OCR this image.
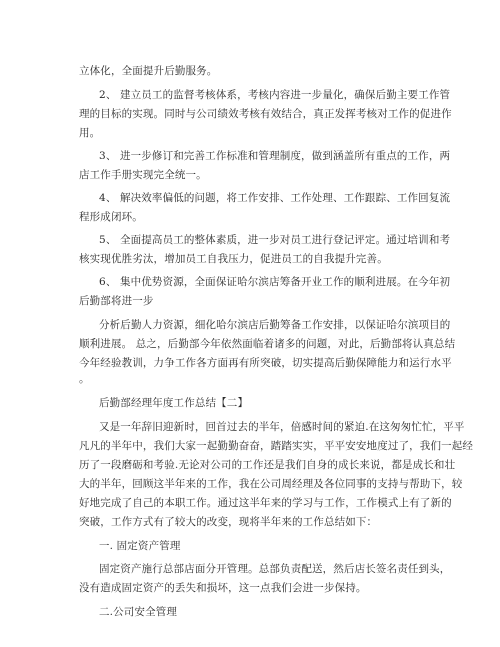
立体化，全面提升后勤服务。

2、 建立员工的监督考核体系，考核内容进一步量化，确保后勤主要工作管

理的目标的实现。同时与公司绩效考核有效结合，真正发挥考核对工作的促进作

用。

3、 进一步修订和完善工作标准和管理制度，做到涵盖所有重点的工作，两

店工作手册实现完全统一。

4、 解决效率偏低的问题，将工作安排、工作处理、工作跟踪、工作回复流

程形成闭环。

5、 全面提高员工的整体素质，进一步对员工进行登记评定。通过培训和考

核实现优胜劣汰，增加员工自我压力，促进员工的自我提升完善。

6、 集中优势资源，全面保证哈尔滨店筹备开业工作的顺利进展。在今年初

后勤部将进一步

分析后勤人力资源，细化哈尔滨店后勤筹备工作安排，以保证哈尔滨项目的

顺利进展。 总之，后勤部今年依然面临着诸多的问题，对此，后勤部将认真总结

今年经验教训，力争工作各方面再有所突破，切实提高后勤保障能力和运行水平

。

后勤部经理年度工作总结【二】

又是一年辞旧迎新时，回首过去的半年，倍感时间的紧迫.在这匆匆忙忙，平平

凡凡的半年中，我们大家一起勤勤奋奋，踏踏实实，平平安安地度过了，我们一起经

历了一段磨砺和考验.无论对公司的工作还是我们自身的成长来说，都是成长和壮

大的半年，回顾这半年来的工作，我在公司周经理及各位同事的支持与帮助下，较

好地完成了自己的本职工作。通过这半年来的学习与工作，工作模式上有了新的

突破，工作方式有了较大的改变，现将半年来的工作总结如下：

一. 固定资产管理

固定资产施行总部店面分开管理。总部负责配送，然后店长签名责任到头，

没有造成固定资产的丢失和损坏，这一点我们会进一步保持。

二.公司安全管理
